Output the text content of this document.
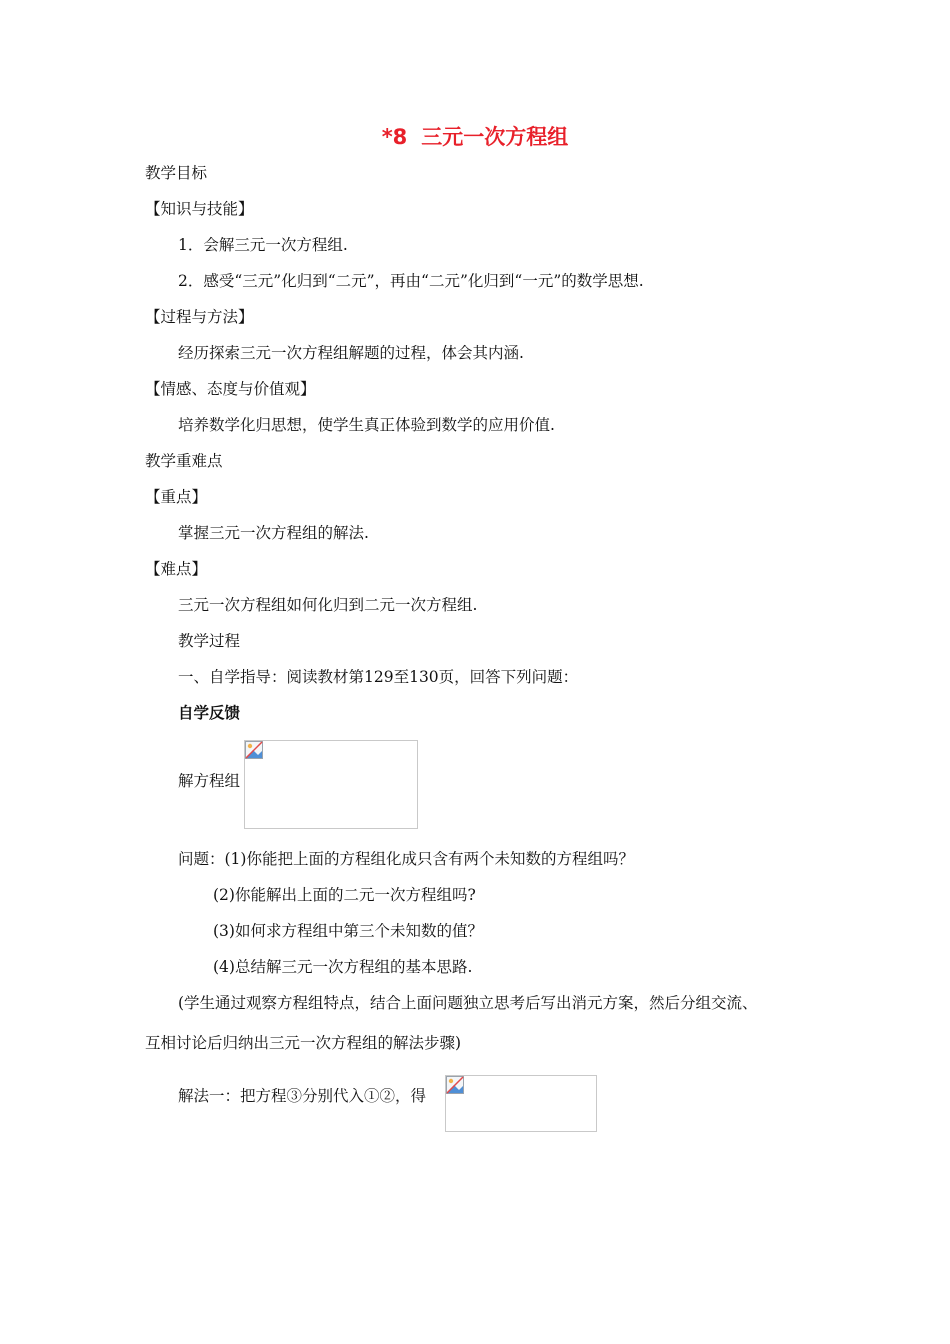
*8 三元一次方程组
教学目标
【知识与技能】
1．会解三元一次方程组.
2．感受“三元”化归到“二元”，再由“二元”化归到“一元”的数学思想.
【过程与方法】
经历探索三元一次方程组解题的过程，体会其内涵.
【情感、态度与价值观】
培养数学化归思想，使学生真正体验到数学的应用价值.
教学重难点
【重点】
掌握三元一次方程组的解法.
【难点】
三元一次方程组如何化归到二元一次方程组.
教学过程
一、自学指导：阅读教材第129至130页，回答下列问题：
自学反馈
解方程组
问题：(1)你能把上面的方程组化成只含有两个未知数的方程组吗？
(2)你能解出上面的二元一次方程组吗?
(3)如何求方程组中第三个未知数的值？
(4)总结解三元一次方程组的基本思路.
(学生通过观察方程组特点，结合上面问题独立思考后写出消元方案，然后分组交流、
互相讨论后归纳出三元一次方程组的解法步骤)
解法一：把方程③分别代入①②，得
